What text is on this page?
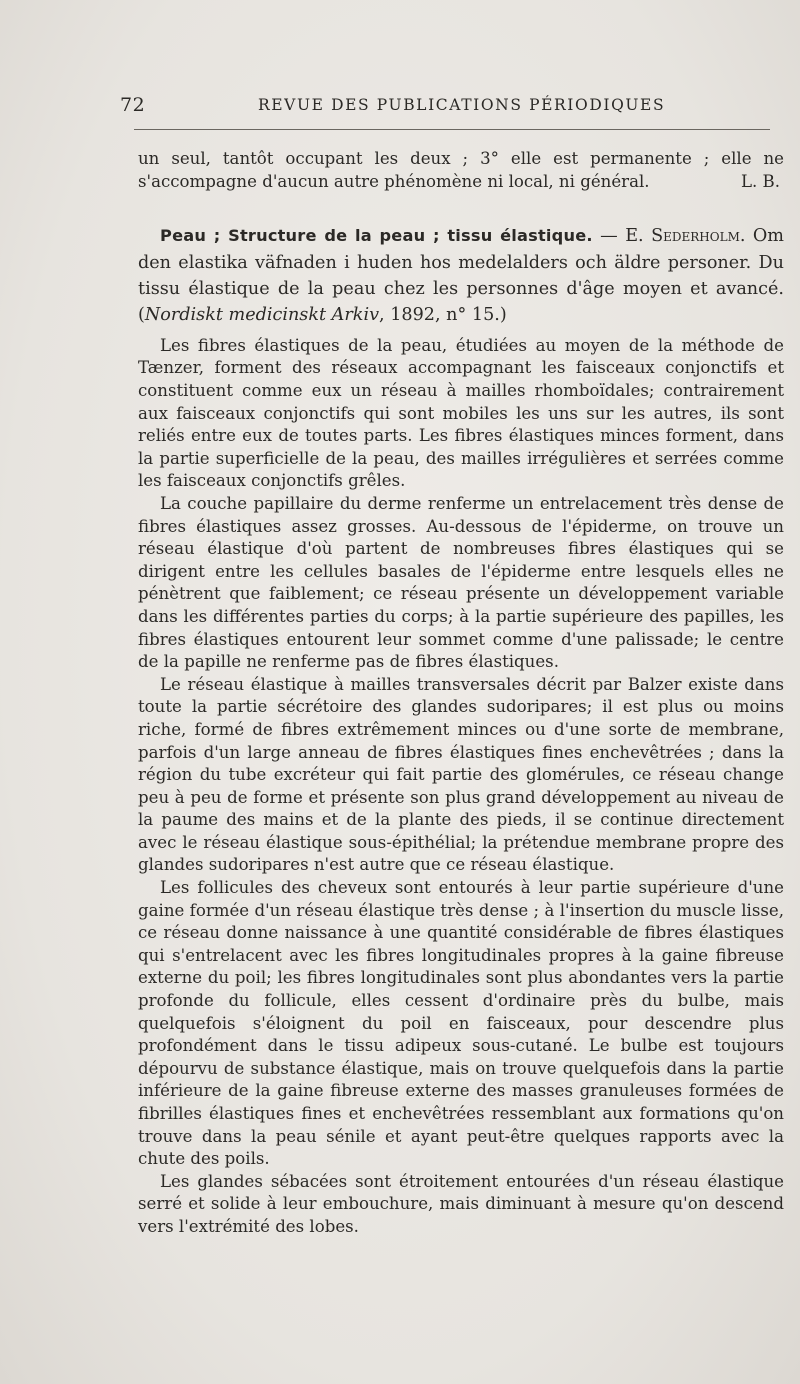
72	REVUE DES PUBLICATIONS PÉRIODIQUES

un seul, tantôt occupant les deux ; 3° elle est permanente ; elle ne s'accompagne d'aucun autre phénomène ni local, ni général.	L. B.

Peau ; Structure de la peau ; tissu élastique. — E. Sederholm. Om den elastika väfnaden i huden hos medelalders och äldre personer. Du tissu élastique de la peau chez les personnes d'âge moyen et avancé. (Nordiskt medicinskt Arkiv, 1892, n° 15.)

Les fibres élastiques de la peau, étudiées au moyen de la méthode de Tænzer, forment des réseaux accompagnant les faisceaux conjonctifs et constituent comme eux un réseau à mailles rhomboïdales; contrairement aux faisceaux conjonctifs qui sont mobiles les uns sur les autres, ils sont reliés entre eux de toutes parts. Les fibres élastiques minces forment, dans la partie superficielle de la peau, des mailles irrégulières et serrées comme les faisceaux conjonctifs grêles.

La couche papillaire du derme renferme un entrelacement très dense de fibres élastiques assez grosses. Au-dessous de l'épiderme, on trouve un réseau élastique d'où partent de nombreuses fibres élastiques qui se dirigent entre les cellules basales de l'épiderme entre lesquels elles ne pénètrent que faiblement; ce réseau présente un développement variable dans les différentes parties du corps; à la partie supérieure des papilles, les fibres élastiques entourent leur sommet comme d'une palissade; le centre de la papille ne renferme pas de fibres élastiques.

Le réseau élastique à mailles transversales décrit par Balzer existe dans toute la partie sécrétoire des glandes sudoripares; il est plus ou moins riche, formé de fibres extrêmement minces ou d'une sorte de membrane, parfois d'un large anneau de fibres élastiques fines enchevêtrées ; dans la région du tube excréteur qui fait partie des glomérules, ce réseau change peu à peu de forme et présente son plus grand développement au niveau de la paume des mains et de la plante des pieds, il se continue directement avec le réseau élastique sous-épithélial; la prétendue membrane propre des glandes sudoripares n'est autre que ce réseau élastique.

Les follicules des cheveux sont entourés à leur partie supérieure d'une gaine formée d'un réseau élastique très dense ; à l'insertion du muscle lisse, ce réseau donne naissance à une quantité considérable de fibres élastiques qui s'entrelacent avec les fibres longitudinales propres à la gaine fibreuse externe du poil; les fibres longitudinales sont plus abondantes vers la partie profonde du follicule, elles cessent d'ordinaire près du bulbe, mais quelquefois s'éloignent du poil en faisceaux, pour descendre plus profondément dans le tissu adipeux sous-cutané. Le bulbe est toujours dépourvu de substance élastique, mais on trouve quelquefois dans la partie inférieure de la gaine fibreuse externe des masses granuleuses formées de fibrilles élastiques fines et enchevêtrées ressemblant aux formations qu'on trouve dans la peau sénile et ayant peut-être quelques rapports avec la chute des poils.

Les glandes sébacées sont étroitement entourées d'un réseau élastique serré et solide à leur embouchure, mais diminuant à mesure qu'on descend vers l'extrémité des lobes.
